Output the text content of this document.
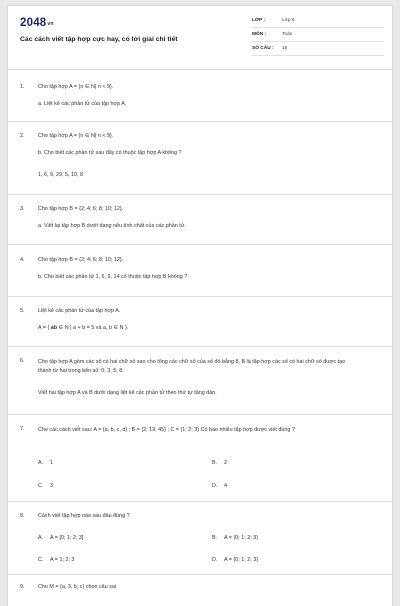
2048vn
Các cách viết tập hợp cực hay, có lời giải chi tiết
LỚP :	Lớp 6
MÔN :	Toán
SỐ CÂU :	16
1.	Cho tập hợp A = {n ∈ N| n < 9}.
a. Liệt kê các phần tử của tập hợp A.
2.	Cho tập hợp A = {n ∈ N| n < 9}.
b. Cho biết các phần tử sau đây có thuộc tập hợp A không ?
1, 6, 9, 29, 5, 10, 8
3.	Cho tập hợp B = {2; 4; 6; 8; 10; 12}.
a. Viết lại tập hợp B dưới dạng nêu tính chất của các phần tử.
4.	Cho tập hợp B = {2; 4; 6; 8; 10; 12}.
b. Cho biết các phần tử 1, 6, 9, 14 có thuộc tập hợp B không ?
5.	Liệt kê các phần tử của tập hợp A.
A = { ab ∈ N | a + b = 5 và a, b ∈ N }.
6.	Cho tập hợp A gồm các số có hai chữ số sao cho tổng các chữ số của số đó bằng 8, B là tập hợp các số có hai chữ số được tạo thành từ hai trong bốn số: 0; 3; 5; 8.
Viết hai tập hợp A và B dưới dạng liệt kê các phần tử theo thứ tự tăng dần.
7.	Cho các cách viết sau: A = {a, b, c, d} ; B = {2; 13; 45} ; C = (1; 2; 3) Có bao nhiêu tập hợp được viết đúng ?
A. 1	B. 2
C. 3	D. 4
8.	Cách viết tập hợp nào sau đâu đúng ?
A. A = [0; 1; 2; 3]	B. A = (0; 1; 2; 3)
C. A = 1; 2; 3	D. A = {0; 1; 2; 3}
9.	Cho M = {a, 3, b, c} chọn câu sai
